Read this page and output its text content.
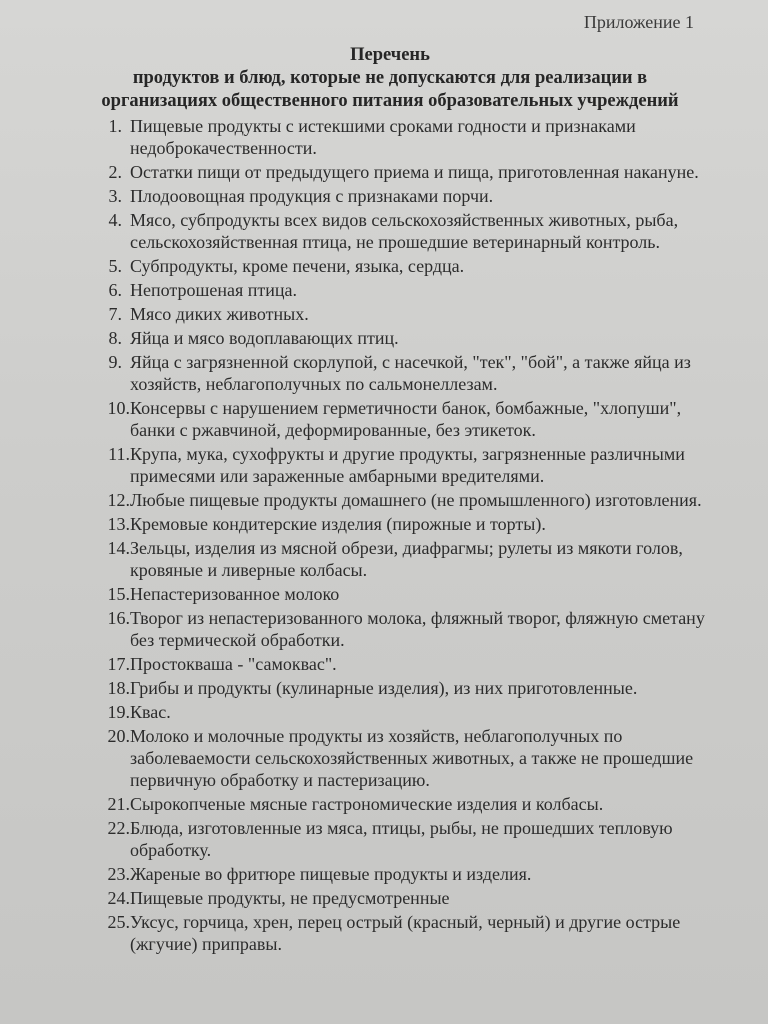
Приложение 1
Перечень
продуктов и блюд, которые не допускаются для реализации в
организациях общественного питания образовательных учреждений
1. Пищевые продукты с истекшими сроками годности и признаками недоброкачественности.
2. Остатки пищи от предыдущего приема и пища, приготовленная накануне.
3. Плодоовощная продукция с признаками порчи.
4. Мясо, субпродукты всех видов сельскохозяйственных животных, рыба, сельскохозяйственная птица, не прошедшие ветеринарный контроль.
5. Субпродукты, кроме печени, языка, сердца.
6. Непотрошеная птица.
7. Мясо диких животных.
8. Яйца и мясо водоплавающих птиц.
9. Яйца с загрязненной скорлупой, с насечкой, "тек", "бой", а также яйца из хозяйств, неблагополучных по сальмонеллезам.
10. Консервы с нарушением герметичности банок, бомбажные, "хлопуши", банки с ржавчиной, деформированные, без этикеток.
11. Крупа, мука, сухофрукты и другие продукты, загрязненные различными примесями или зараженные амбарными вредителями.
12. Любые пищевые продукты домашнего (не промышленного) изготовления.
13. Кремовые кондитерские изделия (пирожные и торты).
14. Зельцы, изделия из мясной обрези, диафрагмы; рулеты из мякоти голов, кровяные и ливерные колбасы.
15. Непастеризованное молоко
16. Творог из непастеризованного молока, фляжный творог, фляжную сметану без термической обработки.
17. Простокваша - "самоквас".
18. Грибы и продукты (кулинарные изделия), из них приготовленные.
19. Квас.
20. Молоко и молочные продукты из хозяйств, неблагополучных по заболеваемости сельскохозяйственных животных, а также не прошедшие первичную обработку и пастеризацию.
21. Сырокопченые мясные гастрономические изделия и колбасы.
22. Блюда, изготовленные из мяса, птицы, рыбы, не прошедших тепловую обработку.
23. Жареные во фритюре пищевые продукты и изделия.
24. Пищевые продукты, не предусмотренные
25. Уксус, горчица, хрен, перец острый (красный, черный) и другие острые (жгучие) приправы.
